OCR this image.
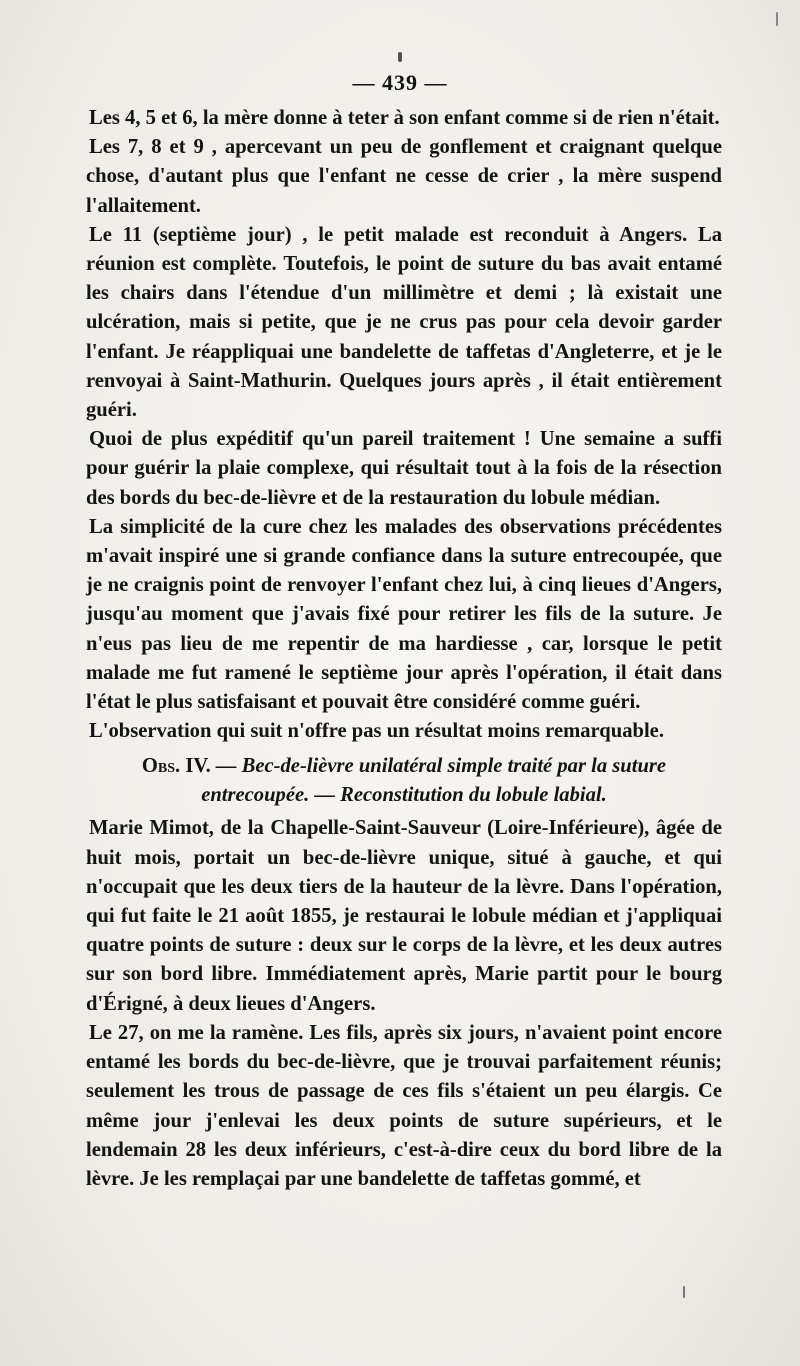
— 439 —

Les 4, 5 et 6, la mère donne à teter à son enfant comme si de rien n'était.

Les 7, 8 et 9 , apercevant un peu de gonflement et craignant quelque chose, d'autant plus que l'enfant ne cesse de crier , la mère suspend l'allaitement.

Le 11 (septième jour) , le petit malade est reconduit à Angers. La réunion est complète. Toutefois, le point de suture du bas avait entamé les chairs dans l'étendue d'un millimètre et demi ; là existait une ulcération, mais si petite, que je ne crus pas pour cela devoir garder l'enfant. Je réappliquai une bandelette de taffetas d'Angleterre, et je le renvoyai à Saint-Mathurin. Quelques jours après , il était entièrement guéri.

Quoi de plus expéditif qu'un pareil traitement ! Une semaine a suffi pour guérir la plaie complexe, qui résultait tout à la fois de la résection des bords du bec-de-lièvre et de la restauration du lobule médian.

La simplicité de la cure chez les malades des observations précédentes m'avait inspiré une si grande confiance dans la suture entrecoupée, que je ne craignis point de renvoyer l'enfant chez lui, à cinq lieues d'Angers, jusqu'au moment que j'avais fixé pour retirer les fils de la suture. Je n'eus pas lieu de me repentir de ma hardiesse , car, lorsque le petit malade me fut ramené le septième jour après l'opération, il était dans l'état le plus satisfaisant et pouvait être considéré comme guéri.

L'observation qui suit n'offre pas un résultat moins remarquable.

Obs. IV. — Bec-de-lièvre unilatéral simple traité par la suture
entrecoupée. — Reconstitution du lobule labial.

Marie Mimot, de la Chapelle-Saint-Sauveur (Loire-Inférieure), âgée de huit mois, portait un bec-de-lièvre unique, situé à gauche, et qui n'occupait que les deux tiers de la hauteur de la lèvre. Dans l'opération, qui fut faite le 21 août 1855, je restaurai le lobule médian et j'appliquai quatre points de suture : deux sur le corps de la lèvre, et les deux autres sur son bord libre. Immédiatement après, Marie partit pour le bourg d'Érigné, à deux lieues d'Angers.

Le 27, on me la ramène. Les fils, après six jours, n'avaient point encore entamé les bords du bec-de-lièvre, que je trouvai parfaitement réunis; seulement les trous de passage de ces fils s'étaient un peu élargis. Ce même jour j'enlevai les deux points de suture supérieurs, et le lendemain 28 les deux inférieurs, c'est-à-dire ceux du bord libre de la lèvre. Je les remplaçai par une bandelette de taffetas gommé, et
